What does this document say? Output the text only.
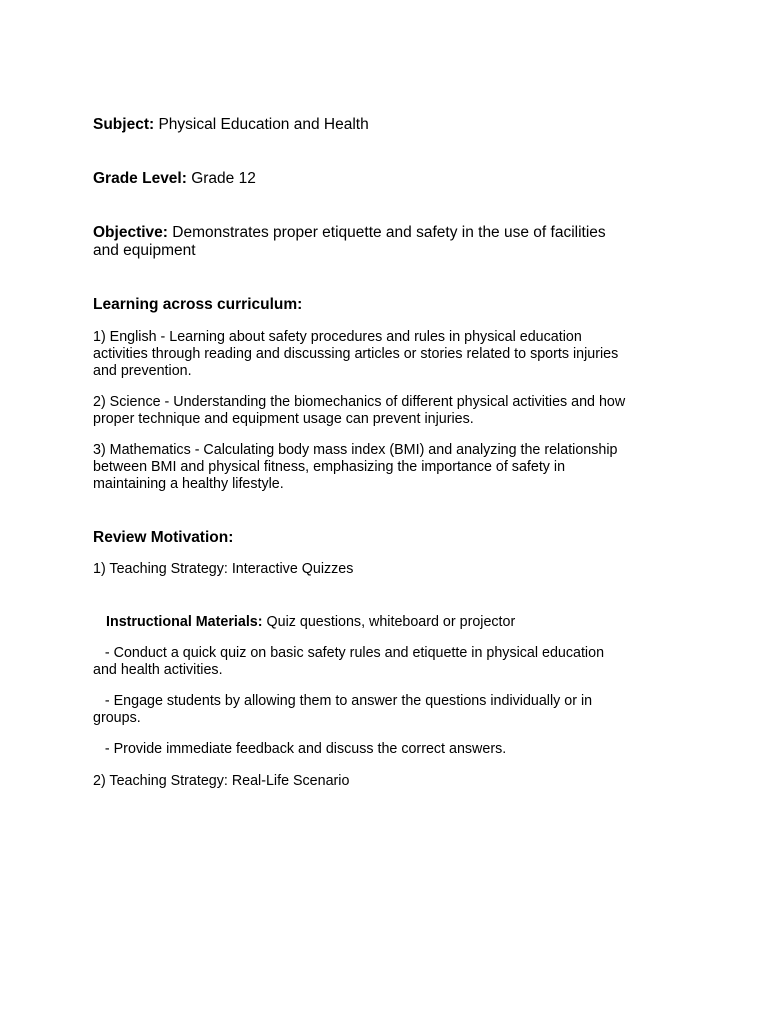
Subject: Physical Education and Health
Grade Level: Grade 12
Objective: Demonstrates proper etiquette and safety in the use of facilities
and equipment
Learning across curriculum:
1) English - Learning about safety procedures and rules in physical education
activities through reading and discussing articles or stories related to sports injuries
and prevention.
2) Science - Understanding the biomechanics of different physical activities and how
proper technique and equipment usage can prevent injuries.
3) Mathematics - Calculating body mass index (BMI) and analyzing the relationship
between BMI and physical fitness, emphasizing the importance of safety in
maintaining a healthy lifestyle.
Review Motivation:
1) Teaching Strategy: Interactive Quizzes
Instructional Materials: Quiz questions, whiteboard or projector
- Conduct a quick quiz on basic safety rules and etiquette in physical education
and health activities.
- Engage students by allowing them to answer the questions individually or in
groups.
- Provide immediate feedback and discuss the correct answers.
2) Teaching Strategy: Real-Life Scenario
